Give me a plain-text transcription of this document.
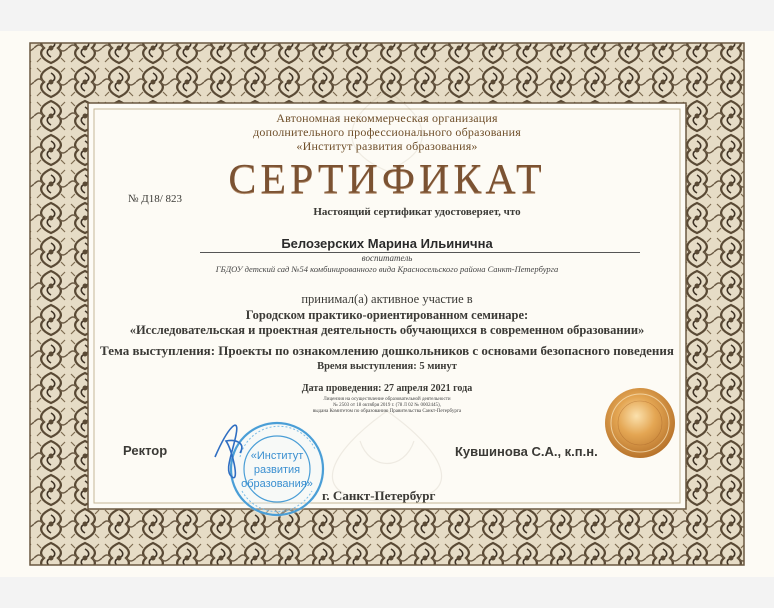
Автономная некоммерческая организация
дополнительного профессионального образования
«Институт развития образования»
СЕРТИФИКАТ
№ Д18/ 823
Настоящий сертификат удостоверяет, что
Белозерских Марина Ильинична
воспитатель
ГБДОУ детский сад №54 комбинированного вида Красносельского района Санкт-Петербурга
принимал(а) активное участие в
Городском практико-ориентированном семинаре:
«Исследовательская и проектная деятельность обучающихся в современном образовании»
Тема выступления: Проекты по ознакомлению дошкольников с основами безопасного поведения
Время выступления: 5 минут
Дата проведения: 27 апреля 2021 года
Лицензия на осуществление образовательной деятельности
№ 2503 от 18 октября 2019 г. (78 Л 02 № 0002445),
выдана Комитетом по образованию Правительства Санкт-Петербурга
Ректор	Кувшинова С.А., к.п.н.
г. Санкт-Петербург
«Институт
развития
образования»
